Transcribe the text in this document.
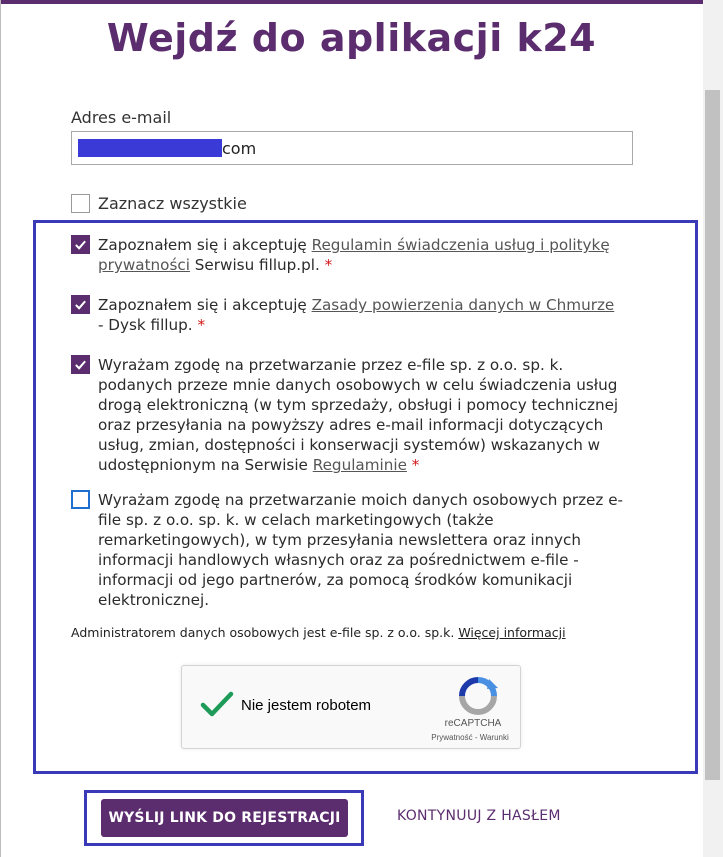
Wejdź do aplikacji k24
Adres e-mail
com
Zaznacz wszystkie
Zapoznałem się i akceptuję Regulamin świadczenia usług i politykę prywatności Serwisu fillup.pl. *
Zapoznałem się i akceptuję Zasady powierzenia danych w Chmurze - Dysk fillup. *
Wyrażam zgodę na przetwarzanie przez e-file sp. z o.o. sp. k. podanych przeze mnie danych osobowych w celu świadczenia usług drogą elektroniczną (w tym sprzedaży, obsługi i pomocy technicznej oraz przesyłania na powyższy adres e-mail informacji dotyczących usług, zmian, dostępności i konserwacji systemów) wskazanych w udostępnionym na Serwisie Regulaminie *
Wyrażam zgodę na przetwarzanie moich danych osobowych przez e-file sp. z o.o. sp. k. w celach marketingowych (także remarketingowych), w tym przesyłania newslettera oraz innych informacji handlowych własnych oraz za pośrednictwem e-file - informacji od jego partnerów, za pomocą środków komunikacji elektronicznej.
Administratorem danych osobowych jest e-file sp. z o.o. sp.k. Więcej informacji
Nie jestem robotem
reCAPTCHA
Prywatność - Warunki
WYŚLIJ LINK DO REJESTRACJI	KONTYNUUJ Z HASŁEM
